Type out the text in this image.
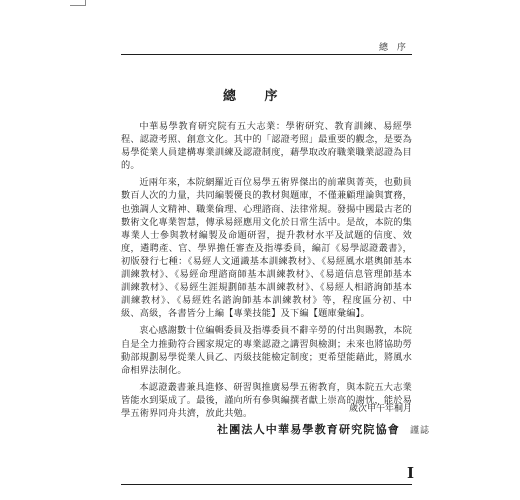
總 序
總 序

中華易學教育研究院有五大志業：學術研究、教育訓練、易經學程、認證考照、創意文化。其中的「認證考照」最重要的觀念，是要為易學從業人員建構專業訓練及認證制度，藉學取改府職業職業認證為目的。

近兩年來，本院網羅近百位易學五術界傑出的前輩與菁英，也動員數百人次的力量，共同編製優良的教材與題庫，不僅兼顧理論與實務，也強調人文精神、職業倫理、心理諮商、法律常規。發揚中國最古老的數術文化專業智慧，傳承易經應用文化於日常生活中。是故，本院的集專業人士參與教材編製及命題研習，提升教材水平及試題的信度、效度，遴聘產、官、學界擔任審查及指導委員，編訂《易學認證叢書》，初版發行七種：《易經人文通識基本訓練教材》、《易經風水堪輿師基本訓練教材》、《易經命理諮商師基本訓練教材》、《易道信息管理師基本訓練教材》、《易經生涯規劃師基本訓練教材》、《易經人相諮詢師基本訓練教材》、《易經姓名諮詢師基本訓練教材》等，程度區分初、中級、高級，各書皆分上編【專業技能】及下編【題庫彙編】。

衷心感謝數十位編輯委員及指導委員不辭辛勞的付出與賜教，本院自是全力推動符合國家規定的專業認證之講習與檢測；未來也將協助勞動部規劃易學從業人員乙、丙級技能檢定制度；更希望能藉此，將風水命相界法制化。

本認證叢書兼具進修、研習與推廣易學五術教育，與本院五大志業皆能水到渠成了。最後，謹向所有參與編撰者獻上崇高的謝忱，能於易學五術界同舟共濟，放此共勉。	歲次甲午年桐月
社團法人中華易學教育研究院協會 謹誌
I
